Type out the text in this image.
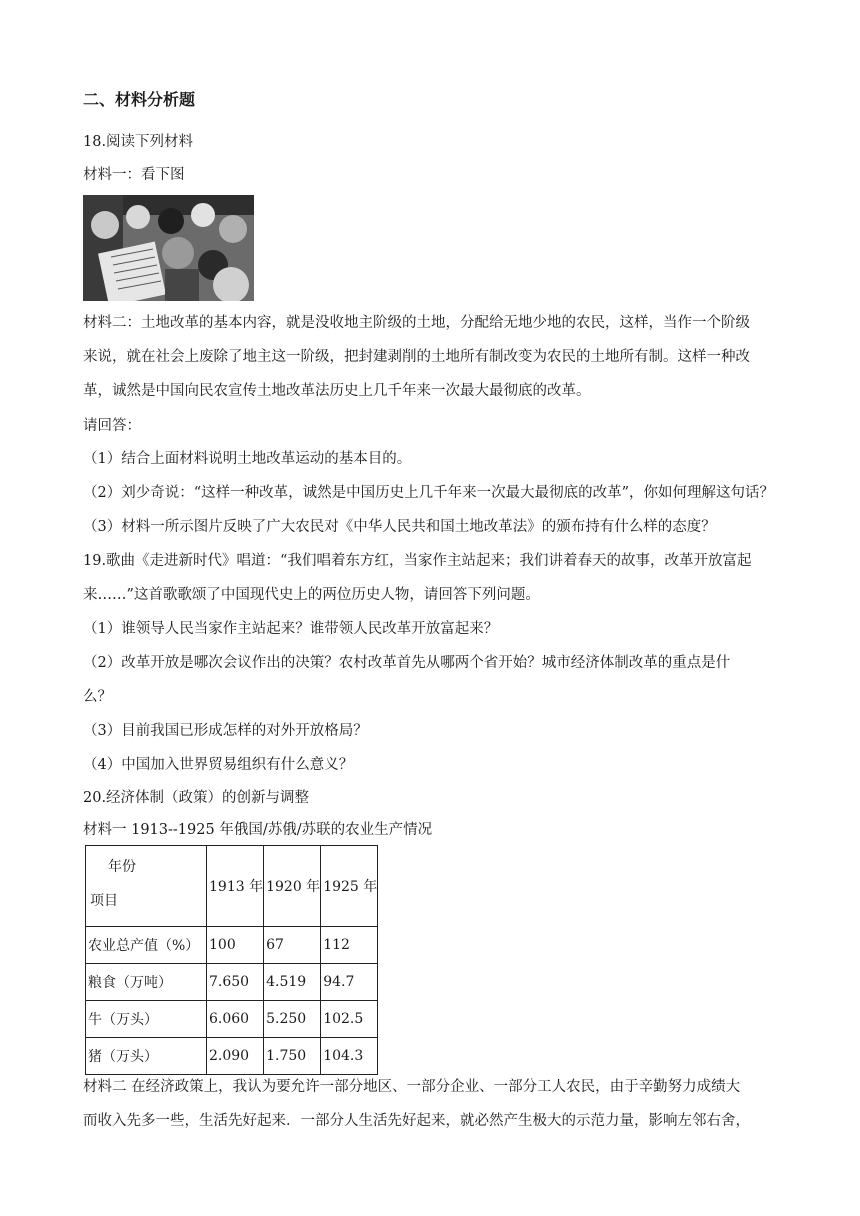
二、材料分析题
18.阅读下列材料
材料一：看下图
材料二：土地改革的基本内容，就是没收地主阶级的土地，分配给无地少地的农民，这样，当作一个阶级
来说，就在社会上废除了地主这一阶级，把封建剥削的土地所有制改变为农民的土地所有制。这样一种改
革，诚然是中国向民农宣传土地改革法历史上几千年来一次最大最彻底的改革。
请回答：
（1）结合上面材料说明土地改革运动的基本目的。
（2）刘少奇说：“这样一种改革，诚然是中国历史上几千年来一次最大最彻底的改革”，你如何理解这句话？
（3）材料一所示图片反映了广大农民对《中华人民共和国土地改革法》的颁布持有什么样的态度？
19.歌曲《走进新时代》唱道：“我们唱着东方红，当家作主站起来；我们讲着春天的故事，改革开放富起
来……”这首歌歌颂了中国现代史上的两位历史人物，请回答下列问题。
（1）谁领导人民当家作主站起来？谁带领人民改革开放富起来？
（2）改革开放是哪次会议作出的决策？农村改革首先从哪两个省开始？城市经济体制改革的重点是什
么？
（3）目前我国已形成怎样的对外开放格局？
（4）中国加入世界贸易组织有什么意义？
20.经济体制（政策）的创新与调整
材料一 1913--1925 年俄国/苏俄/苏联的农业生产情况
年份
项目	1913 年	1920 年	1925 年
农业总产值（%）	100	67	112
粮食（万吨）	7.650	4.519	94.7
牛（万头）	6.060	5.250	102.5
猪（万头）	2.090	1.750	104.3
材料二 在经济政策上，我认为要允许一部分地区、一部分企业、一部分工人农民，由于辛勤努力成绩大
而收入先多一些，生活先好起来．一部分人生活先好起来，就必然产生极大的示范力量，影响左邻右舍，
